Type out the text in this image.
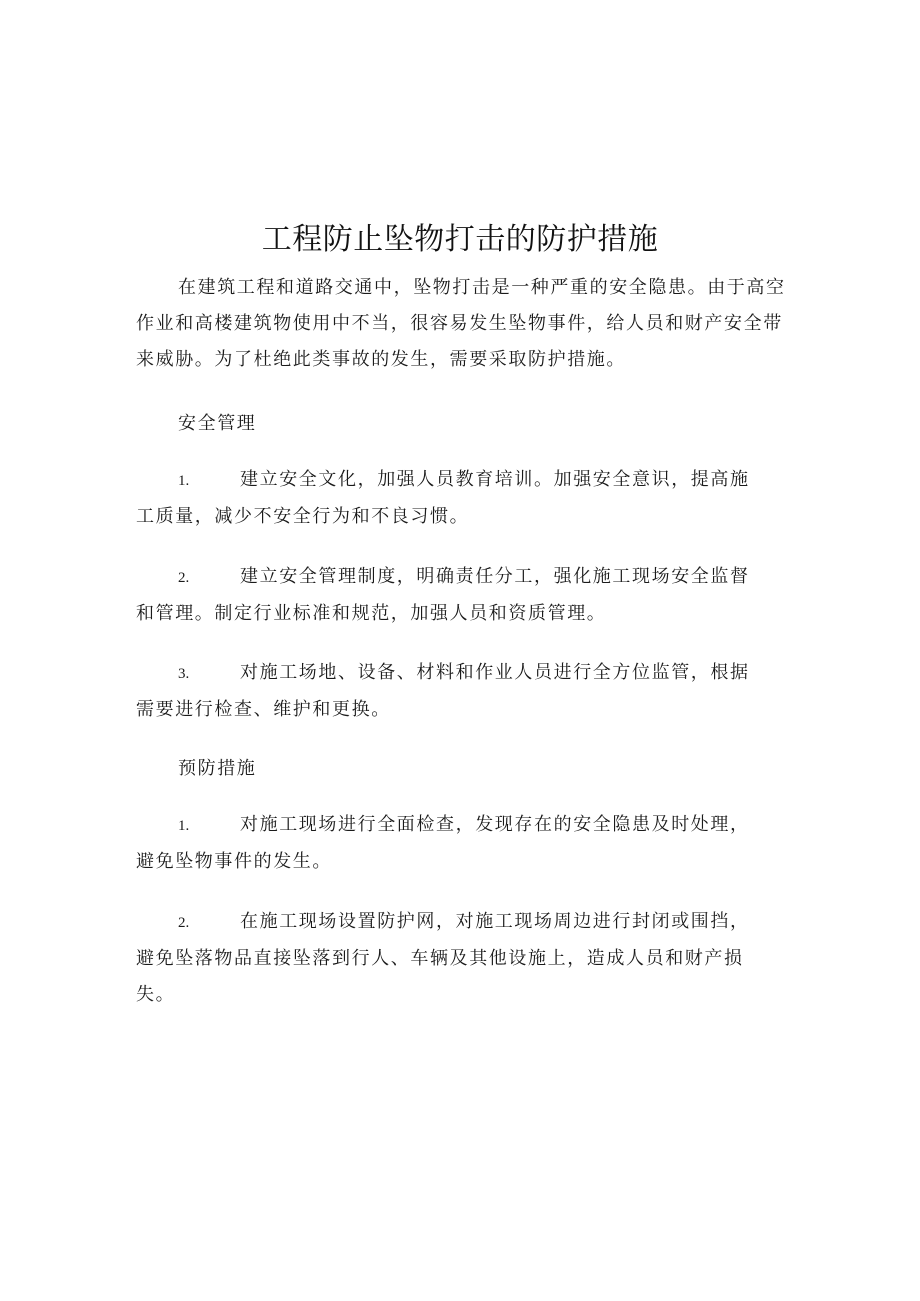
工程防止坠物打击的防护措施
在建筑工程和道路交通中，坠物打击是一种严重的安全隐患。由于高空作业和高楼建筑物使用中不当，很容易发生坠物事件，给人员和财产安全带来威胁。为了杜绝此类事故的发生，需要采取防护措施。
安全管理
1.	建立安全文化，加强人员教育培训。加强安全意识，提高施工质量，减少不安全行为和不良习惯。
2.	建立安全管理制度，明确责任分工，强化施工现场安全监督和管理。制定行业标准和规范，加强人员和资质管理。
3.	对施工场地、设备、材料和作业人员进行全方位监管，根据需要进行检查、维护和更换。
预防措施
1.	对施工现场进行全面检查，发现存在的安全隐患及时处理，避免坠物事件的发生。
2.	在施工现场设置防护网，对施工现场周边进行封闭或围挡，避免坠落物品直接坠落到行人、车辆及其他设施上，造成人员和财产损失。
